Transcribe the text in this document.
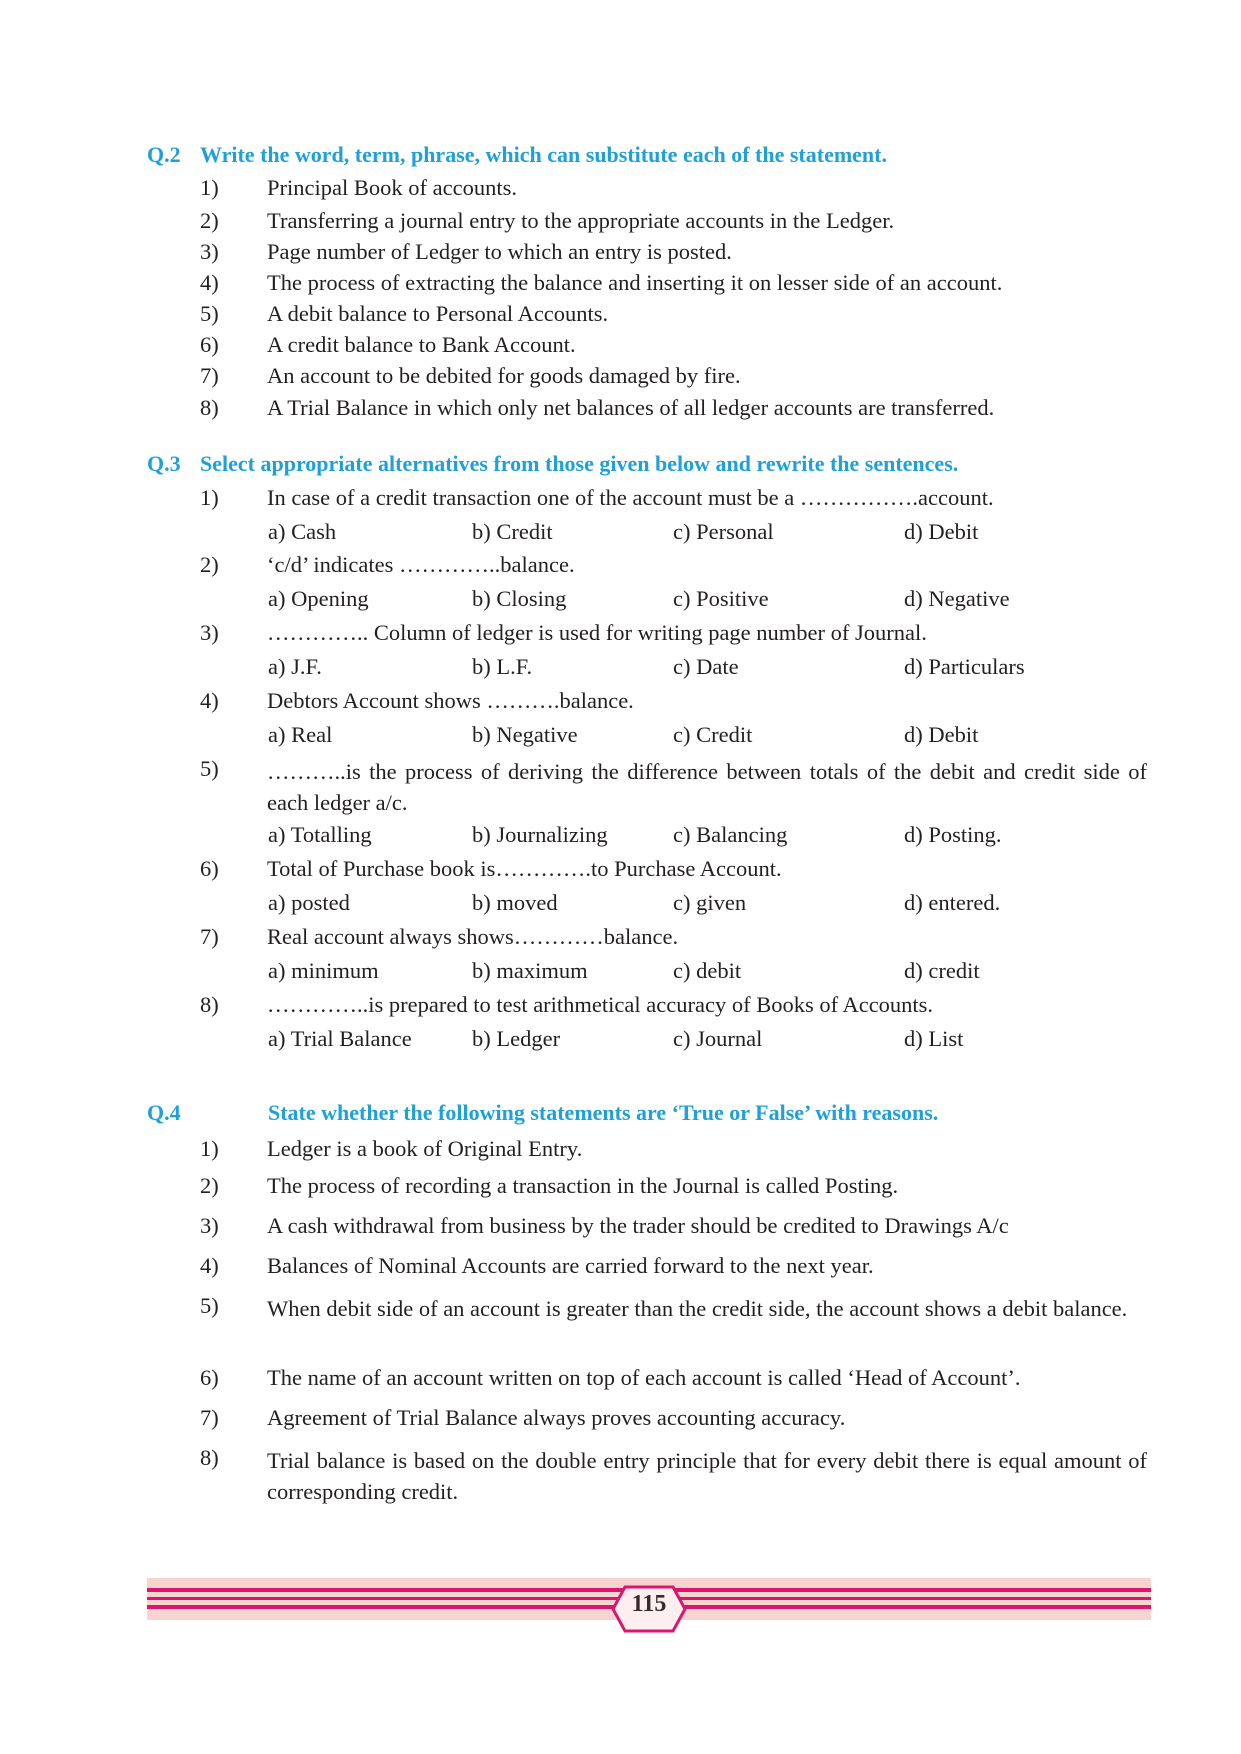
Q.2 Write the word, term, phrase, which can substitute each of the statement.
1) Principal Book of accounts.
2) Transferring a journal entry to the appropriate accounts in the Ledger.
3) Page number of Ledger to which an entry is posted.
4) The process of extracting the balance and inserting it on lesser side of an account.
5) A debit balance to Personal Accounts.
6) A credit balance to Bank Account.
7) An account to be debited for goods damaged by fire.
8) A Trial Balance in which only net balances of all ledger accounts are transferred.
Q.3 Select appropriate alternatives from those given below and rewrite the sentences.
1) In case of a credit transaction one of the account must be a …………….account.
a) Cash	b) Credit	c) Personal	d) Debit
2) ‘c/d’ indicates …………..balance.
a) Opening	b) Closing	c) Positive	d) Negative
3) ………….. Column of ledger is used for writing page number of Journal.
a) J.F.	b) L.F.	c) Date	d) Particulars
4) Debtors Account shows ……….balance.
a) Real	b) Negative	c) Credit	d) Debit
5) ………..is the process of deriving the difference between totals of the debit and credit side of each ledger a/c.
a) Totalling	b) Journalizing	c) Balancing	d) Posting.
6) Total of Purchase book is………….to Purchase Account.
a) posted	b) moved	c) given	d) entered.
7) Real account always shows…………balance.
a) minimum	b) maximum	c) debit	d) credit
8) …………..is prepared to test arithmetical accuracy of Books of Accounts.
a) Trial Balance	b) Ledger	c) Journal	d) List
Q.4	State whether the following statements are ‘True or False’ with reasons.
1) Ledger is a book of Original Entry.
2) The process of recording a transaction in the Journal is called Posting.
3) A cash withdrawal from business by the trader should be credited to Drawings A/c
4) Balances of Nominal Accounts are carried forward to the next year.
5) When debit side of an account is greater than the credit side, the account shows a debit balance.
6) The name of an account written on top of each account is called ‘Head of Account’.
7) Agreement of Trial Balance always proves accounting accuracy.
8) Trial balance is based on the double entry principle that for every debit there is equal amount of corresponding credit.
115
